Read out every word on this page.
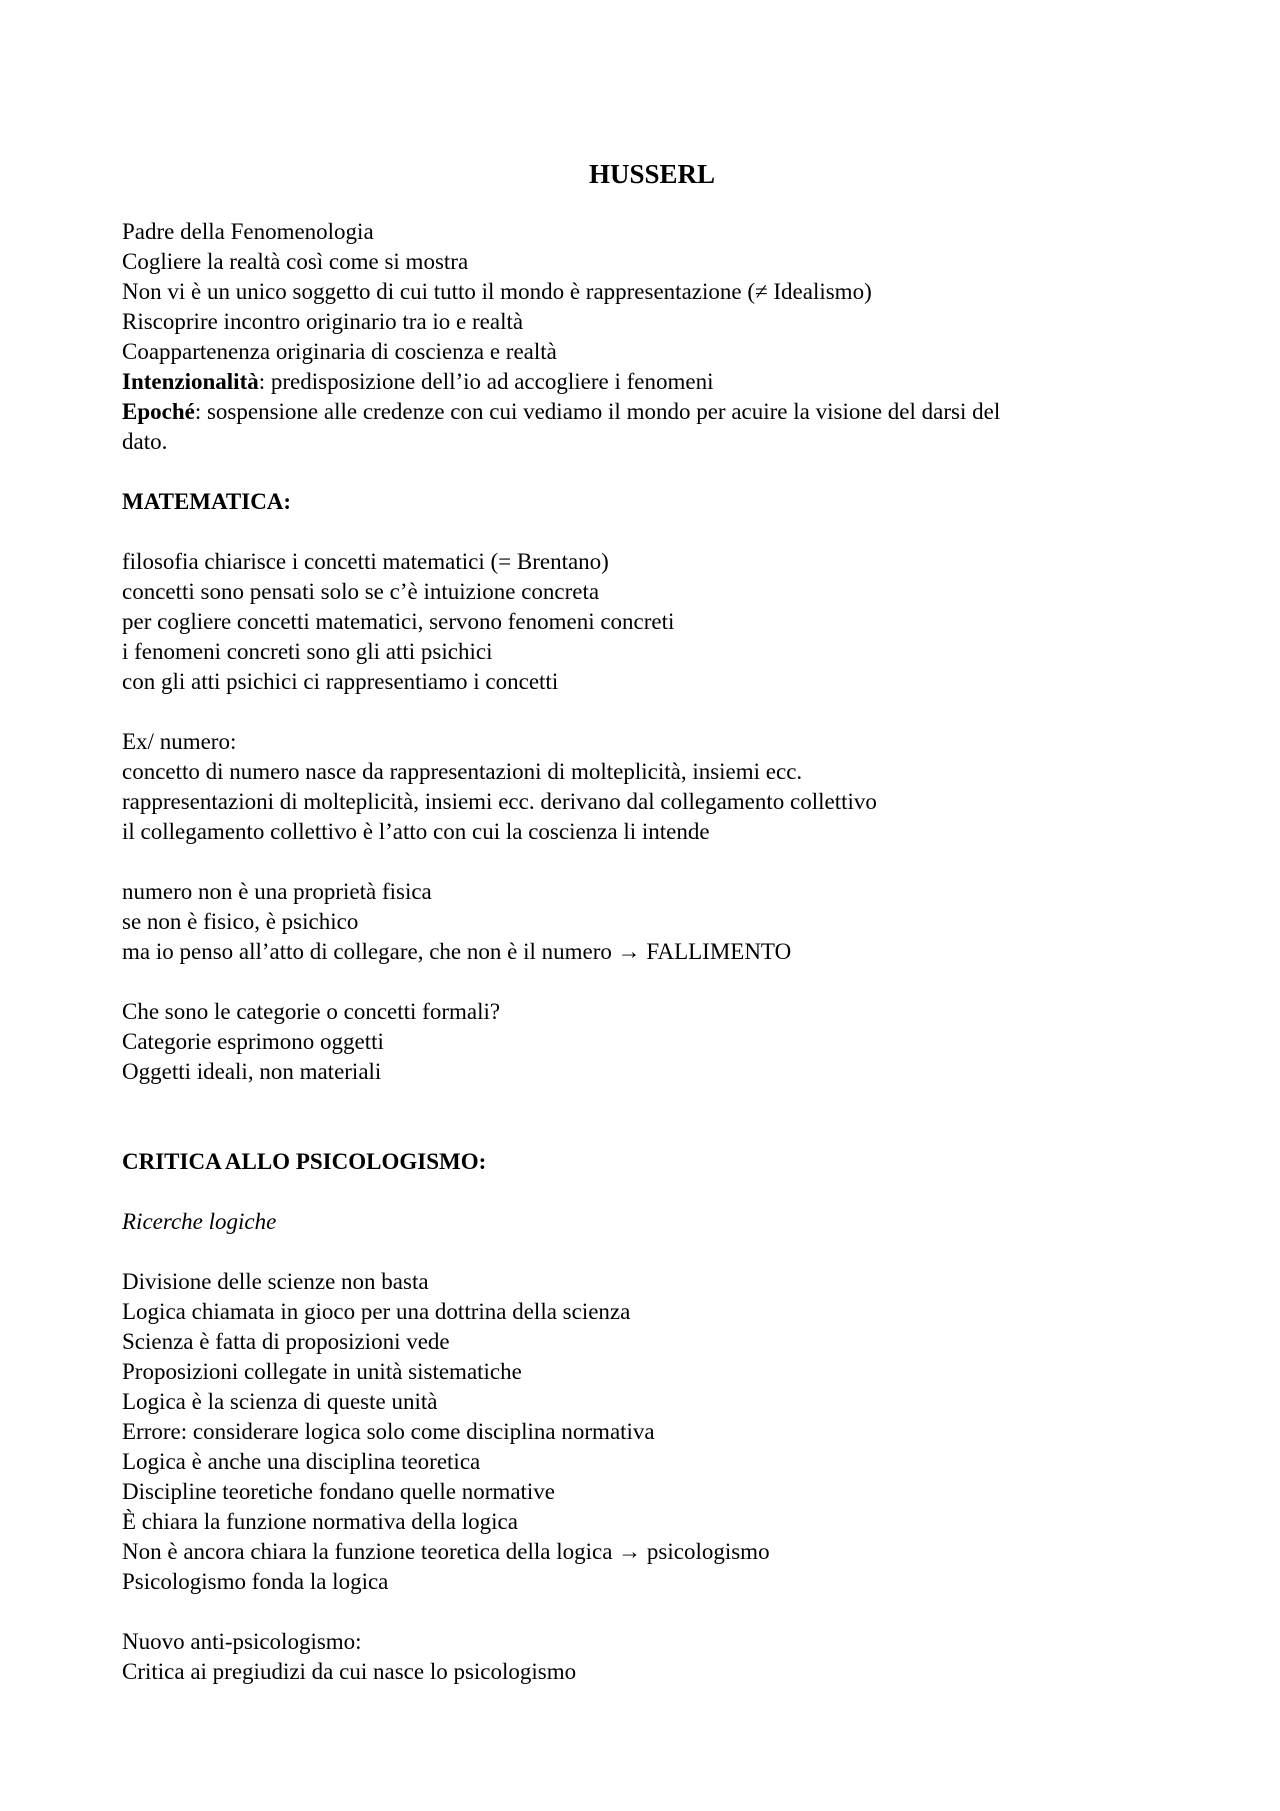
HUSSERL

Padre della Fenomenologia

Cogliere la realtà così come si mostra

Non vi è un unico soggetto di cui tutto il mondo è rappresentazione (≠ Idealismo)

Riscoprire incontro originario tra io e realtà

Coappartenenza originaria di coscienza e realtà

Intenzionalità: predisposizione dell’io ad accogliere i fenomeni

Epoché: sospensione alle credenze con cui vediamo il mondo per acuire la visione del darsi del

dato.

MATEMATICA:

filosofia chiarisce i concetti matematici (= Brentano)

concetti sono pensati solo se c’è intuizione concreta

per cogliere concetti matematici, servono fenomeni concreti

i fenomeni concreti sono gli atti psichici

con gli atti psichici ci rappresentiamo i concetti

Ex/ numero:

concetto di numero nasce da rappresentazioni di molteplicità, insiemi ecc.

rappresentazioni di molteplicità, insiemi ecc. derivano dal collegamento collettivo

il collegamento collettivo è l’atto con cui la coscienza li intende

numero non è una proprietà fisica

se non è fisico, è psichico

ma io penso all’atto di collegare, che non è il numero → FALLIMENTO

Che sono le categorie o concetti formali?

Categorie esprimono oggetti

Oggetti ideali, non materiali

CRITICA ALLO PSICOLOGISMO:

Ricerche logiche

Divisione delle scienze non basta

Logica chiamata in gioco per una dottrina della scienza

Scienza è fatta di proposizioni vede

Proposizioni collegate in unità sistematiche

Logica è la scienza di queste unità

Errore: considerare logica solo come disciplina normativa

Logica è anche una disciplina teoretica

Discipline teoretiche fondano quelle normative

È chiara la funzione normativa della logica

Non è ancora chiara la funzione teoretica della logica → psicologismo

Psicologismo fonda la logica

Nuovo anti-psicologismo:

Critica ai pregiudizi da cui nasce lo psicologismo
